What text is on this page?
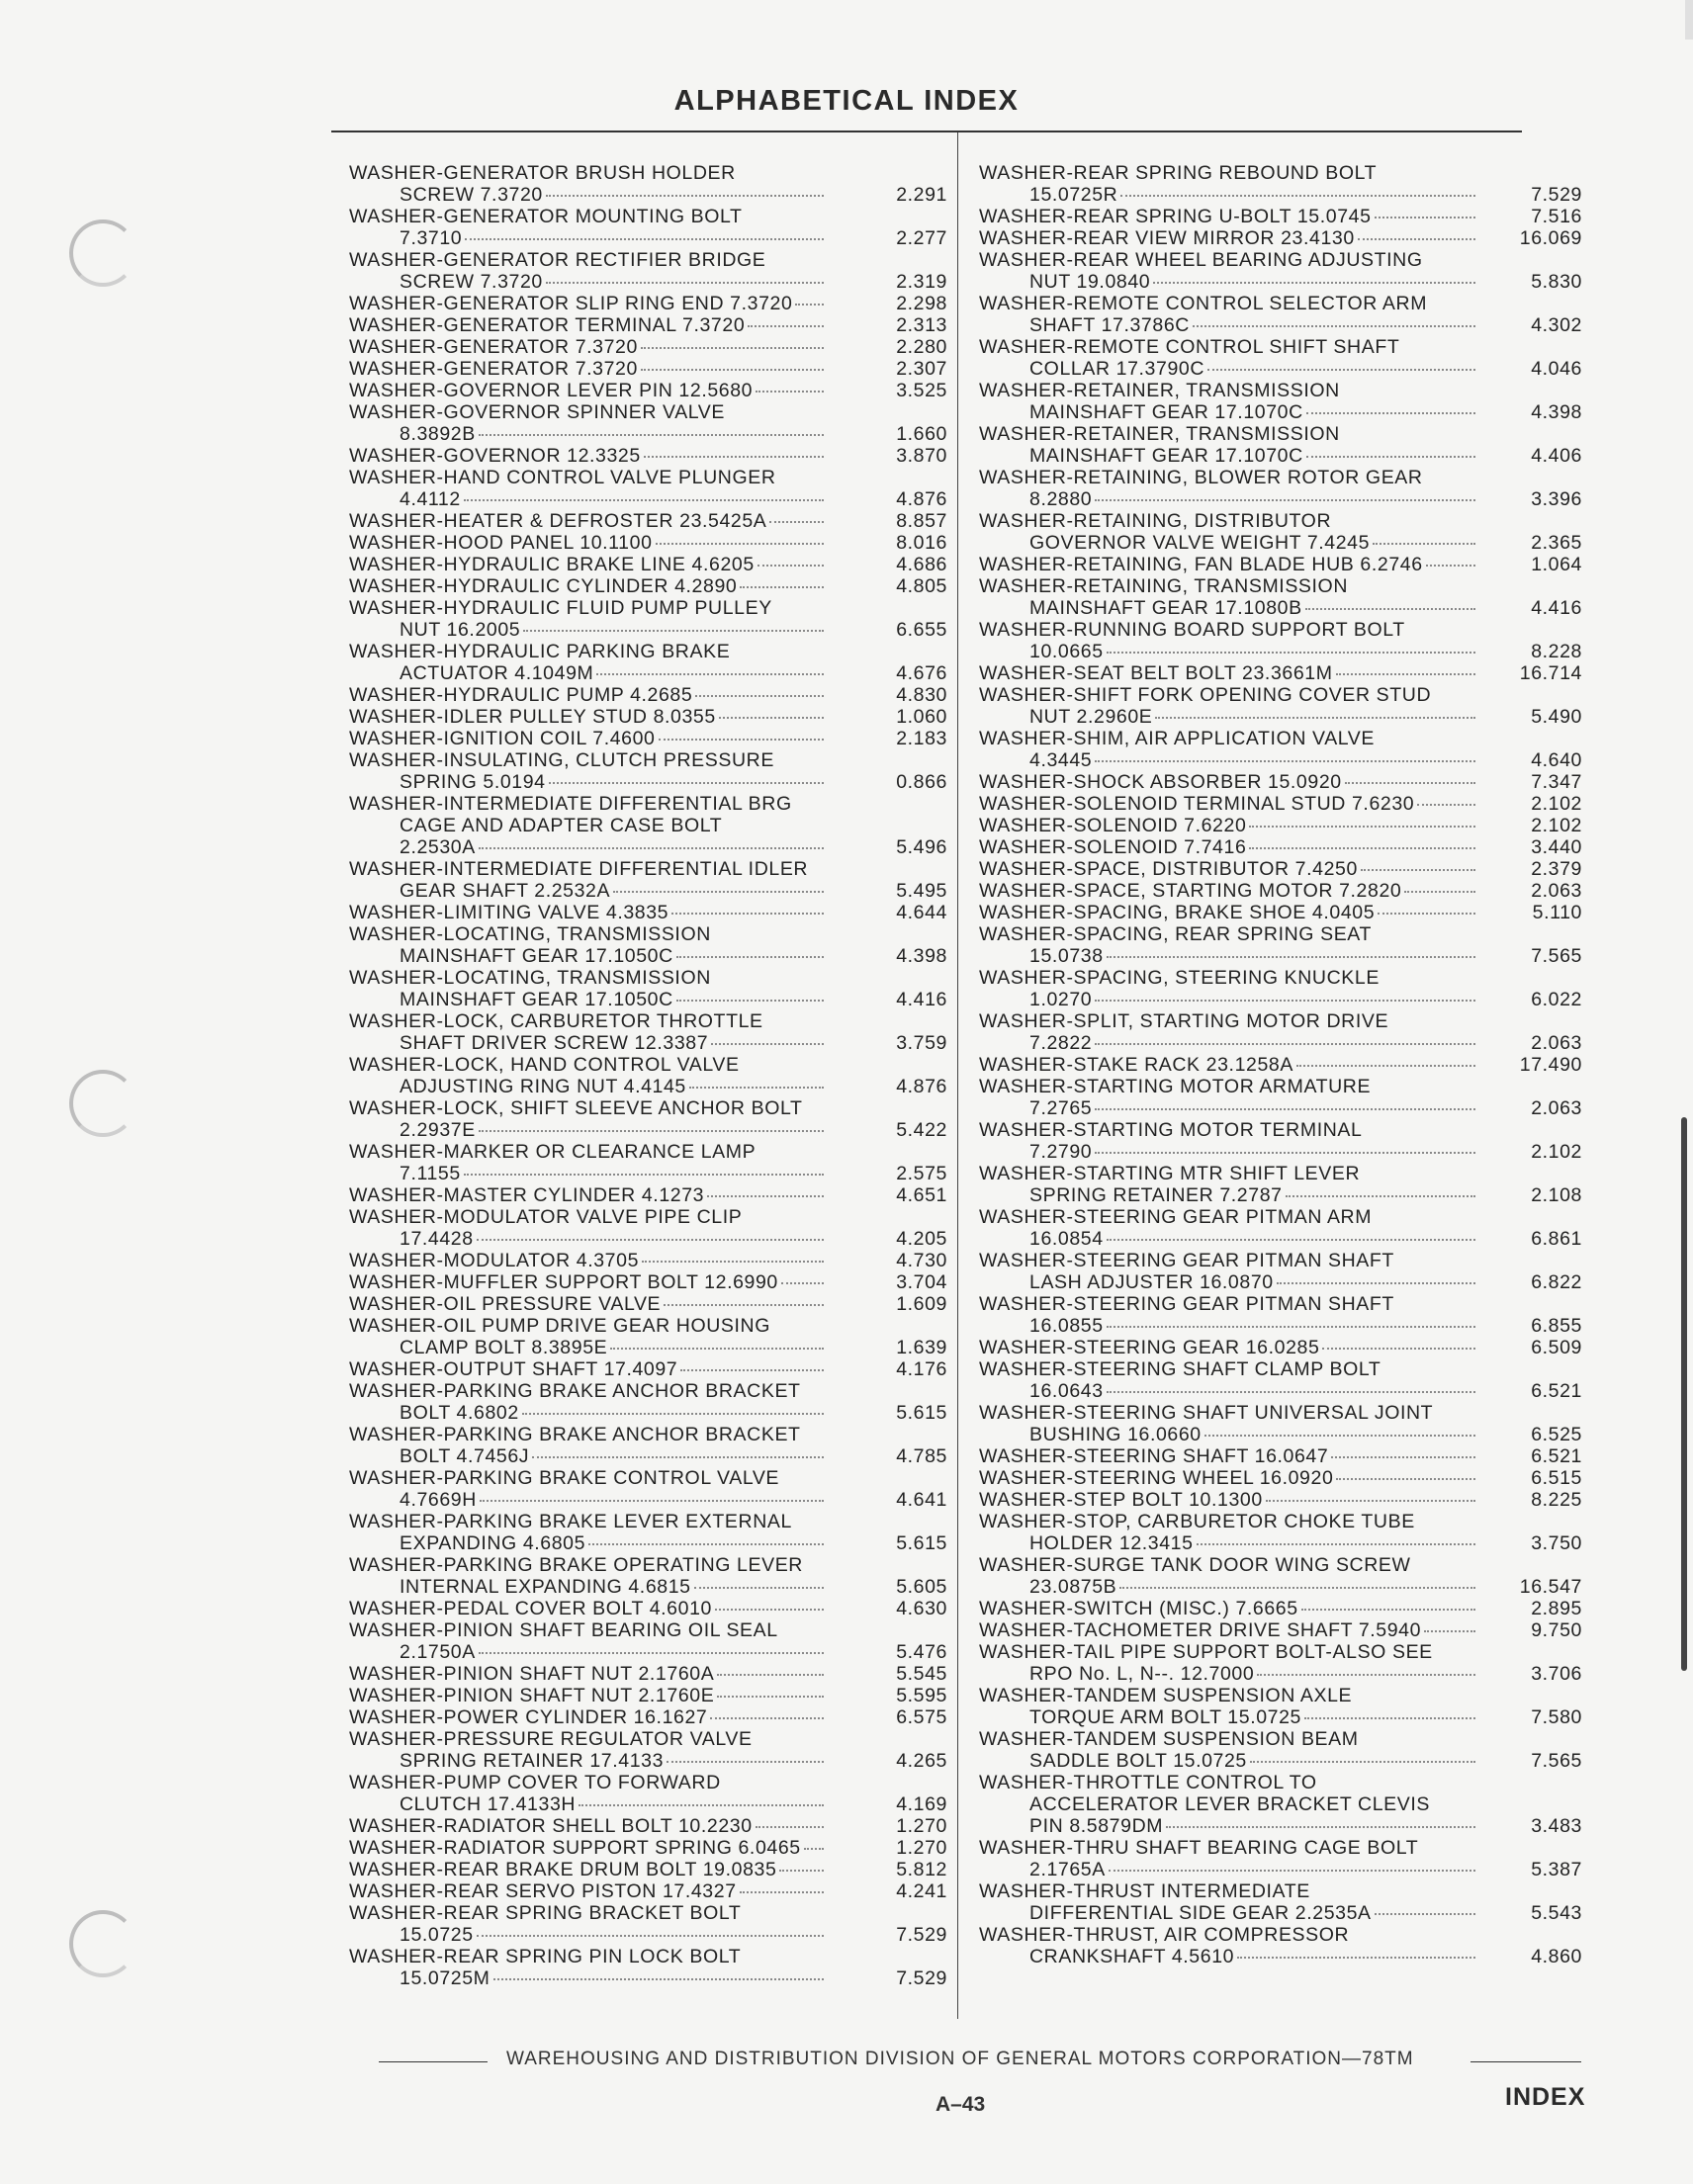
ALPHABETICAL INDEX
WASHER-GENERATOR BRUSH HOLDER
SCREW 7.3720	2.291
WASHER-GENERATOR MOUNTING BOLT
7.3710	2.277
WASHER-GENERATOR RECTIFIER BRIDGE
SCREW 7.3720	2.319
WASHER-GENERATOR SLIP RING END 7.3720	2.298
WASHER-GENERATOR TERMINAL 7.3720	2.313
WASHER-GENERATOR 7.3720	2.280
WASHER-GENERATOR 7.3720	2.307
WASHER-GOVERNOR LEVER PIN 12.5680	3.525
WASHER-GOVERNOR SPINNER VALVE
8.3892B	1.660
WASHER-GOVERNOR 12.3325	3.870
WASHER-HAND CONTROL VALVE PLUNGER
4.4112	4.876
WASHER-HEATER & DEFROSTER 23.5425A	8.857
WASHER-HOOD PANEL 10.1100	8.016
WASHER-HYDRAULIC BRAKE LINE 4.6205	4.686
WASHER-HYDRAULIC CYLINDER 4.2890	4.805
WASHER-HYDRAULIC FLUID PUMP PULLEY
NUT 16.2005	6.655
WASHER-HYDRAULIC PARKING BRAKE
ACTUATOR 4.1049M	4.676
WASHER-HYDRAULIC PUMP 4.2685	4.830
WASHER-IDLER PULLEY STUD 8.0355	1.060
WASHER-IGNITION COIL 7.4600	2.183
WASHER-INSULATING, CLUTCH PRESSURE
SPRING 5.0194	0.866
WASHER-INTERMEDIATE DIFFERENTIAL BRG
CAGE AND ADAPTER CASE BOLT
2.2530A	5.496
WASHER-INTERMEDIATE DIFFERENTIAL IDLER
GEAR SHAFT 2.2532A	5.495
WASHER-LIMITING VALVE 4.3835	4.644
WASHER-LOCATING, TRANSMISSION
MAINSHAFT GEAR 17.1050C	4.398
WASHER-LOCATING, TRANSMISSION
MAINSHAFT GEAR 17.1050C	4.416
WASHER-LOCK, CARBURETOR THROTTLE
SHAFT DRIVER SCREW 12.3387	3.759
WASHER-LOCK, HAND CONTROL VALVE
ADJUSTING RING NUT 4.4145	4.876
WASHER-LOCK, SHIFT SLEEVE ANCHOR BOLT
2.2937E	5.422
WASHER-MARKER OR CLEARANCE LAMP
7.1155	2.575
WASHER-MASTER CYLINDER 4.1273	4.651
WASHER-MODULATOR VALVE PIPE CLIP
17.4428	4.205
WASHER-MODULATOR 4.3705	4.730
WASHER-MUFFLER SUPPORT BOLT 12.6990	3.704
WASHER-OIL PRESSURE VALVE	1.609
WASHER-OIL PUMP DRIVE GEAR HOUSING
CLAMP BOLT 8.3895E	1.639
WASHER-OUTPUT SHAFT 17.4097	4.176
WASHER-PARKING BRAKE ANCHOR BRACKET
BOLT 4.6802	5.615
WASHER-PARKING BRAKE ANCHOR BRACKET
BOLT 4.7456J	4.785
WASHER-PARKING BRAKE CONTROL VALVE
4.7669H	4.641
WASHER-PARKING BRAKE LEVER EXTERNAL
EXPANDING 4.6805	5.615
WASHER-PARKING BRAKE OPERATING LEVER
INTERNAL EXPANDING 4.6815	5.605
WASHER-PEDAL COVER BOLT 4.6010	4.630
WASHER-PINION SHAFT BEARING OIL SEAL
2.1750A	5.476
WASHER-PINION SHAFT NUT 2.1760A	5.545
WASHER-PINION SHAFT NUT 2.1760E	5.595
WASHER-POWER CYLINDER 16.1627	6.575
WASHER-PRESSURE REGULATOR VALVE
SPRING RETAINER 17.4133	4.265
WASHER-PUMP COVER TO FORWARD
CLUTCH 17.4133H	4.169
WASHER-RADIATOR SHELL BOLT 10.2230	1.270
WASHER-RADIATOR SUPPORT SPRING 6.0465	1.270
WASHER-REAR BRAKE DRUM BOLT 19.0835	5.812
WASHER-REAR SERVO PISTON 17.4327	4.241
WASHER-REAR SPRING BRACKET BOLT
15.0725	7.529
WASHER-REAR SPRING PIN LOCK BOLT
15.0725M	7.529
WASHER-REAR SPRING REBOUND BOLT
15.0725R	7.529
WASHER-REAR SPRING U-BOLT 15.0745	7.516
WASHER-REAR VIEW MIRROR 23.4130	16.069
WASHER-REAR WHEEL BEARING ADJUSTING
NUT 19.0840	5.830
WASHER-REMOTE CONTROL SELECTOR ARM
SHAFT 17.3786C	4.302
WASHER-REMOTE CONTROL SHIFT SHAFT
COLLAR 17.3790C	4.046
WASHER-RETAINER, TRANSMISSION
MAINSHAFT GEAR 17.1070C	4.398
WASHER-RETAINER, TRANSMISSION
MAINSHAFT GEAR 17.1070C	4.406
WASHER-RETAINING, BLOWER ROTOR GEAR
8.2880	3.396
WASHER-RETAINING, DISTRIBUTOR
GOVERNOR VALVE WEIGHT 7.4245	2.365
WASHER-RETAINING, FAN BLADE HUB 6.2746	1.064
WASHER-RETAINING, TRANSMISSION
MAINSHAFT GEAR 17.1080B	4.416
WASHER-RUNNING BOARD SUPPORT BOLT
10.0665	8.228
WASHER-SEAT BELT BOLT 23.3661M	16.714
WASHER-SHIFT FORK OPENING COVER STUD
NUT 2.2960E	5.490
WASHER-SHIM, AIR APPLICATION VALVE
4.3445	4.640
WASHER-SHOCK ABSORBER 15.0920	7.347
WASHER-SOLENOID TERMINAL STUD 7.6230	2.102
WASHER-SOLENOID 7.6220	2.102
WASHER-SOLENOID 7.7416	3.440
WASHER-SPACE, DISTRIBUTOR 7.4250	2.379
WASHER-SPACE, STARTING MOTOR 7.2820	2.063
WASHER-SPACING, BRAKE SHOE 4.0405	5.110
WASHER-SPACING, REAR SPRING SEAT
15.0738	7.565
WASHER-SPACING, STEERING KNUCKLE
1.0270	6.022
WASHER-SPLIT, STARTING MOTOR DRIVE
7.2822	2.063
WASHER-STAKE RACK 23.1258A	17.490
WASHER-STARTING MOTOR ARMATURE
7.2765	2.063
WASHER-STARTING MOTOR TERMINAL
7.2790	2.102
WASHER-STARTING MTR SHIFT LEVER
SPRING RETAINER 7.2787	2.108
WASHER-STEERING GEAR PITMAN ARM
16.0854	6.861
WASHER-STEERING GEAR PITMAN SHAFT
LASH ADJUSTER 16.0870	6.822
WASHER-STEERING GEAR PITMAN SHAFT
16.0855	6.855
WASHER-STEERING GEAR 16.0285	6.509
WASHER-STEERING SHAFT CLAMP BOLT
16.0643	6.521
WASHER-STEERING SHAFT UNIVERSAL JOINT
BUSHING 16.0660	6.525
WASHER-STEERING SHAFT 16.0647	6.521
WASHER-STEERING WHEEL 16.0920	6.515
WASHER-STEP BOLT 10.1300	8.225
WASHER-STOP, CARBURETOR CHOKE TUBE
HOLDER 12.3415	3.750
WASHER-SURGE TANK DOOR WING SCREW
23.0875B	16.547
WASHER-SWITCH (MISC.) 7.6665	2.895
WASHER-TACHOMETER DRIVE SHAFT 7.5940	9.750
WASHER-TAIL PIPE SUPPORT BOLT-ALSO SEE
RPO No. L, N--. 12.7000	3.706
WASHER-TANDEM SUSPENSION AXLE
TORQUE ARM BOLT 15.0725	7.580
WASHER-TANDEM SUSPENSION BEAM
SADDLE BOLT 15.0725	7.565
WASHER-THROTTLE CONTROL TO
ACCELERATOR LEVER BRACKET CLEVIS
PIN 8.5879DM	3.483
WASHER-THRU SHAFT BEARING CAGE BOLT
2.1765A	5.387
WASHER-THRUST INTERMEDIATE
DIFFERENTIAL SIDE GEAR 2.2535A	5.543
WASHER-THRUST, AIR COMPRESSOR
CRANKSHAFT 4.5610	4.860
WAREHOUSING AND DISTRIBUTION DIVISION OF GENERAL MOTORS CORPORATION—78TM
A–43	INDEX
